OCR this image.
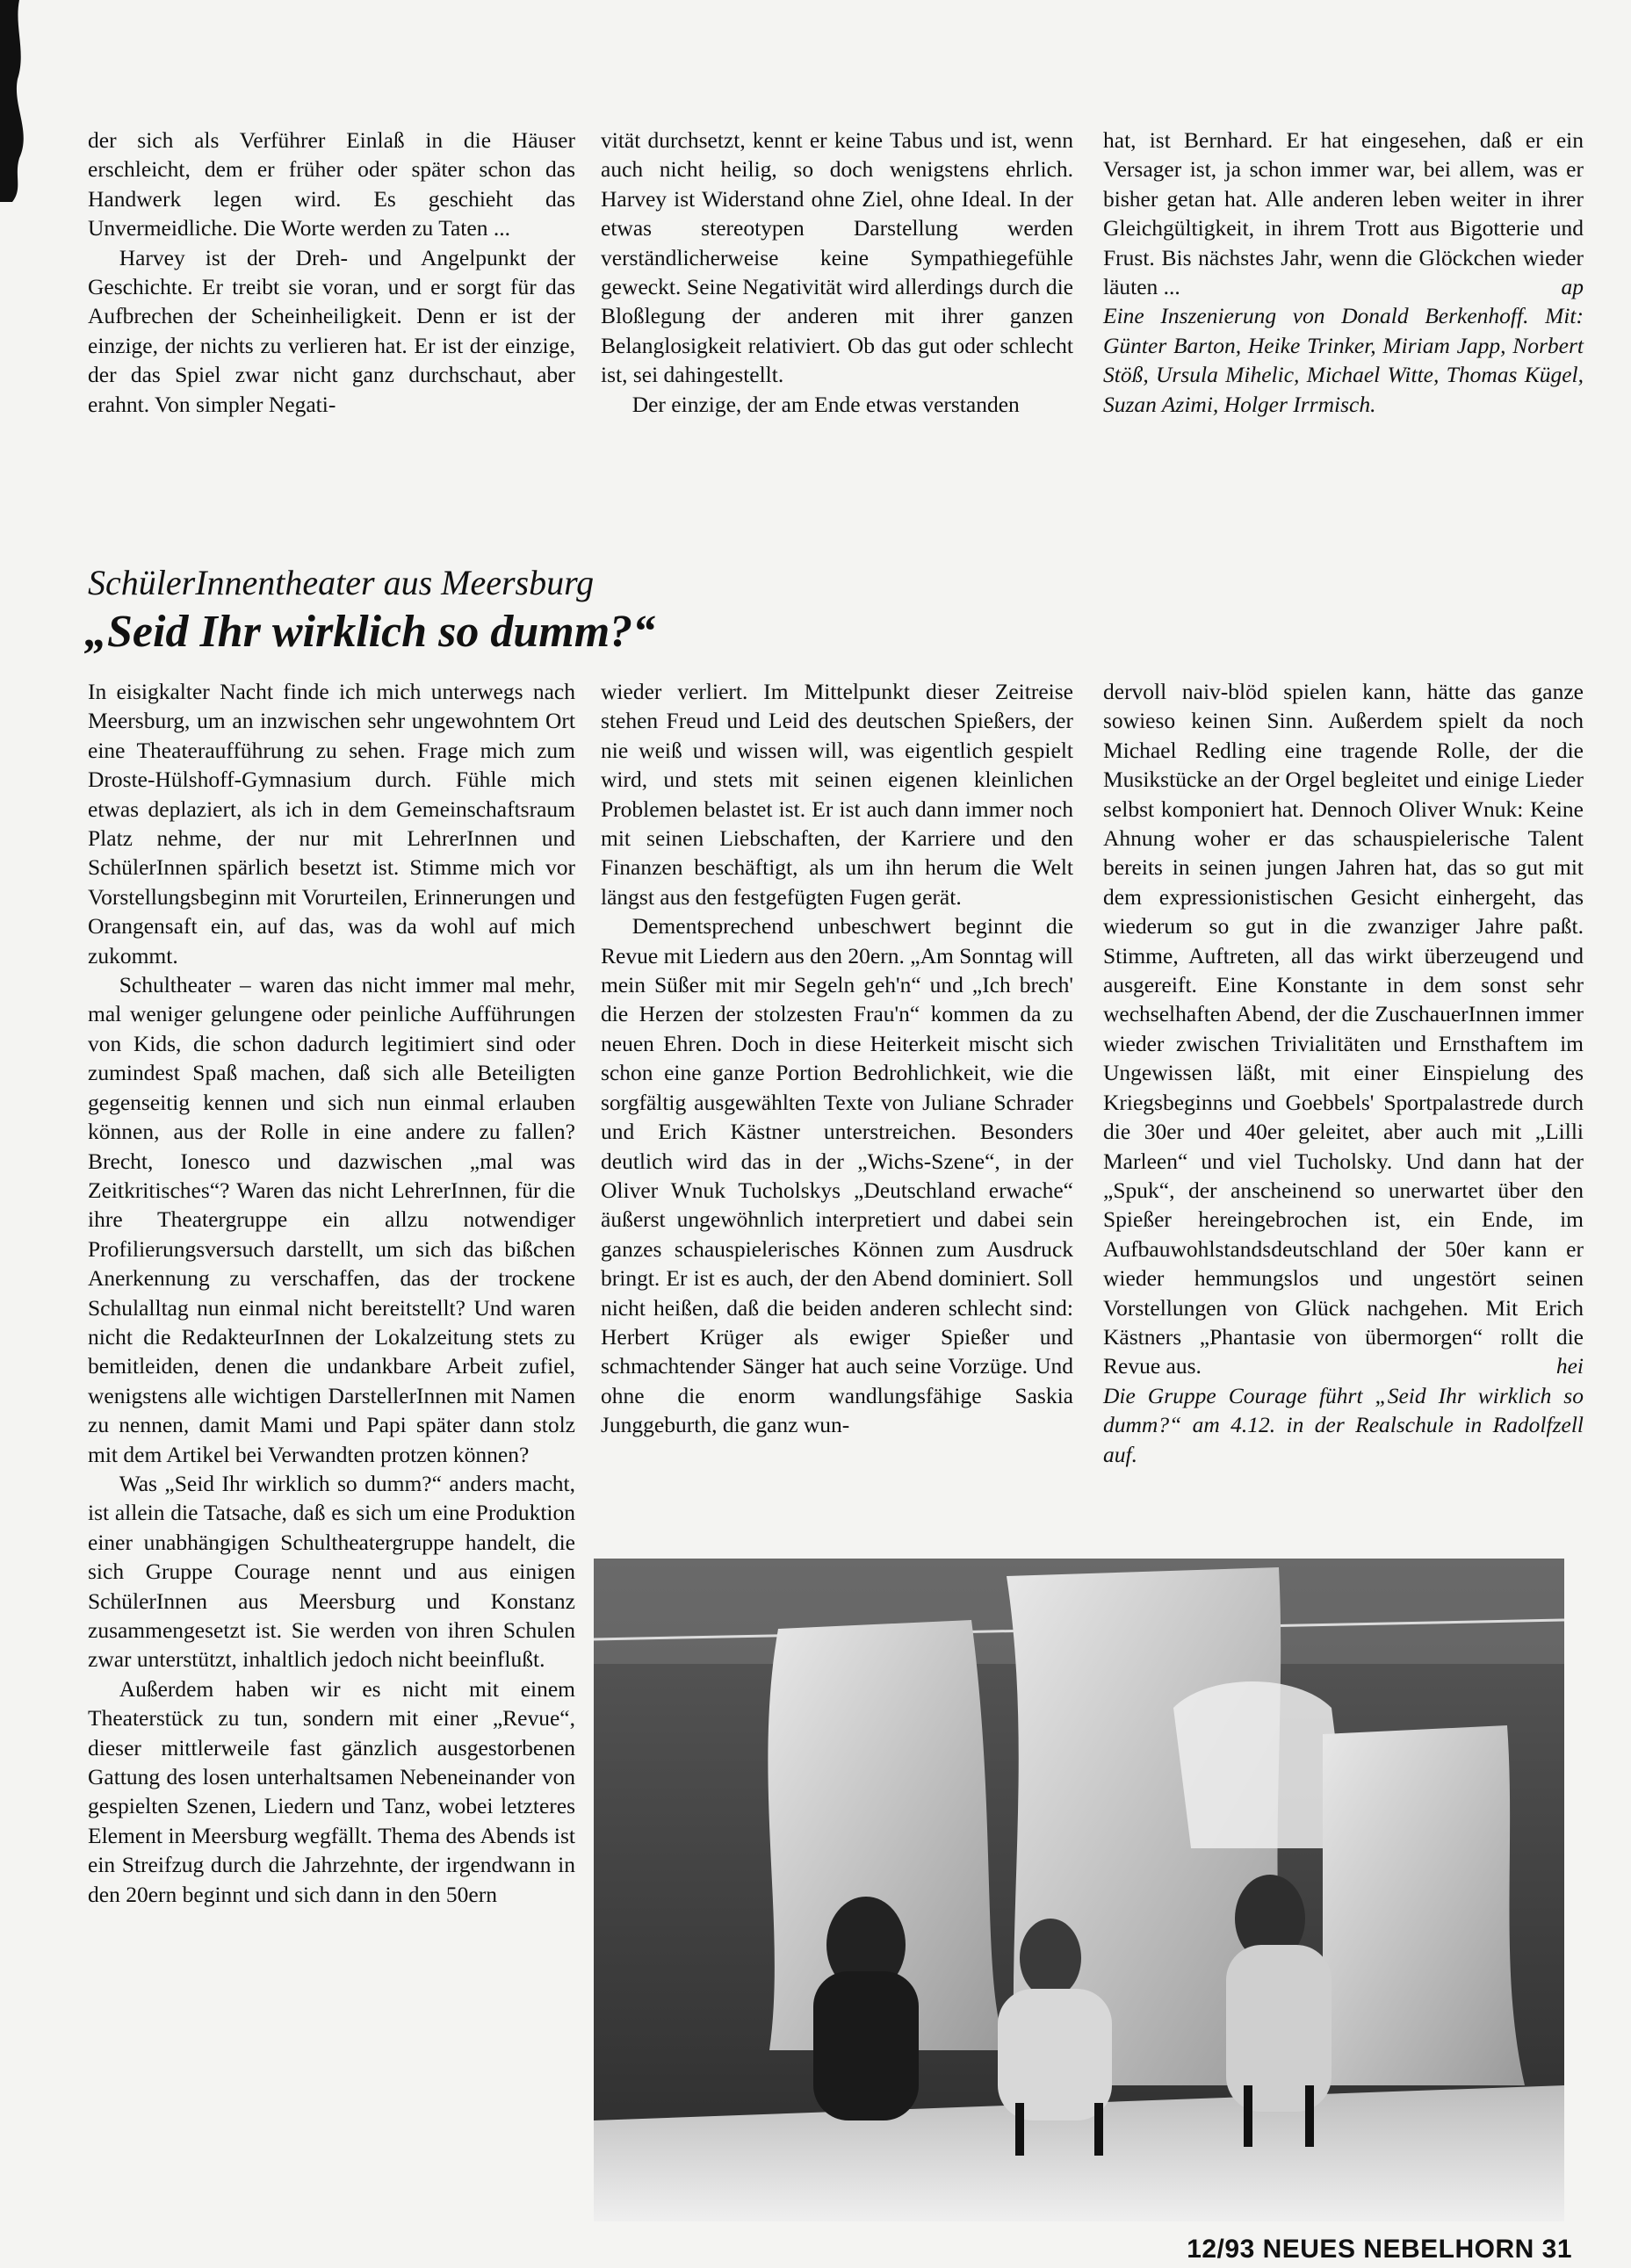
der sich als Verführer Einlaß in die Häuser erschleicht, dem er früher oder später schon das Handwerk legen wird. Es geschieht das Unvermeidliche. Die Worte werden zu Taten ...

Harvey ist der Dreh- und Angelpunkt der Geschichte. Er treibt sie voran, und er sorgt für das Aufbrechen der Scheinheiligkeit. Denn er ist der einzige, der nichts zu verlieren hat. Er ist der einzige, der das Spiel zwar nicht ganz durchschaut, aber erahnt. Von simpler Negati-

vität durchsetzt, kennt er keine Tabus und ist, wenn auch nicht heilig, so doch wenigstens ehrlich. Harvey ist Widerstand ohne Ziel, ohne Ideal. In der etwas stereotypen Darstellung werden verständlicherweise keine Sympathiegefühle geweckt. Seine Negativität wird allerdings durch die Bloßlegung der anderen mit ihrer ganzen Belanglosigkeit relativiert. Ob das gut oder schlecht ist, sei dahingestellt.

Der einzige, der am Ende etwas verstanden

hat, ist Bernhard. Er hat eingesehen, daß er ein Versager ist, ja schon immer war, bei allem, was er bisher getan hat. Alle anderen leben weiter in ihrer Gleichgültigkeit, in ihrem Trott aus Bigotterie und Frust. Bis nächstes Jahr, wenn die Glöckchen wieder läuten ...	ap

Eine Inszenierung von Donald Berkenhoff. Mit: Günter Barton, Heike Trinker, Miriam Japp, Norbert Stöß, Ursula Mihelic, Michael Witte, Thomas Kügel, Suzan Azimi, Holger Irrmisch.

SchülerInnentheater aus Meersburg
„Seid Ihr wirklich so dumm?“

In eisigkalter Nacht finde ich mich unterwegs nach Meersburg, um an inzwischen sehr ungewohntem Ort eine Theateraufführung zu sehen. Frage mich zum Droste-Hülshoff-Gymnasium durch. Fühle mich etwas deplaziert, als ich in dem Gemeinschaftsraum Platz nehme, der nur mit LehrerInnen und SchülerInnen spärlich besetzt ist. Stimme mich vor Vorstellungsbeginn mit Vorurteilen, Erinnerungen und Orangensaft ein, auf das, was da wohl auf mich zukommt.

Schultheater – waren das nicht immer mal mehr, mal weniger gelungene oder peinliche Aufführungen von Kids, die schon dadurch legitimiert sind oder zumindest Spaß machen, daß sich alle Beteiligten gegenseitig kennen und sich nun einmal erlauben können, aus der Rolle in eine andere zu fallen? Brecht, Ionesco und dazwischen „mal was Zeitkritisches“? Waren das nicht LehrerInnen, für die ihre Theatergruppe ein allzu notwendiger Profilierungsversuch darstellt, um sich das bißchen Anerkennung zu verschaffen, das der trockene Schulalltag nun einmal nicht bereitstellt? Und waren nicht die RedakteurInnen der Lokalzeitung stets zu bemitleiden, denen die undankbare Arbeit zufiel, wenigstens alle wichtigen DarstellerInnen mit Namen zu nennen, damit Mami und Papi später dann stolz mit dem Artikel bei Verwandten protzen können?

Was „Seid Ihr wirklich so dumm?“ anders macht, ist allein die Tatsache, daß es sich um eine Produktion einer unabhängigen Schultheatergruppe handelt, die sich Gruppe Courage nennt und aus einigen SchülerInnen aus Meersburg und Konstanz zusammengesetzt ist. Sie werden von ihren Schulen zwar unterstützt, inhaltlich jedoch nicht beeinflußt.

Außerdem haben wir es nicht mit einem Theaterstück zu tun, sondern mit einer „Revue“, dieser mittlerweile fast gänzlich ausgestorbenen Gattung des losen unterhaltsamen Nebeneinander von gespielten Szenen, Liedern und Tanz, wobei letzteres Element in Meersburg wegfällt. Thema des Abends ist ein Streifzug durch die Jahrzehnte, der irgendwann in den 20ern beginnt und sich dann in den 50ern

wieder verliert. Im Mittelpunkt dieser Zeitreise stehen Freud und Leid des deutschen Spießers, der nie weiß und wissen will, was eigentlich gespielt wird, und stets mit seinen eigenen kleinlichen Problemen belastet ist. Er ist auch dann immer noch mit seinen Liebschaften, der Karriere und den Finanzen beschäftigt, als um ihn herum die Welt längst aus den festgefügten Fugen gerät.

Dementsprechend unbeschwert beginnt die Revue mit Liedern aus den 20ern. „Am Sonntag will mein Süßer mit mir Segeln geh'n“ und „Ich brech' die Herzen der stolzesten Frau'n“ kommen da zu neuen Ehren. Doch in diese Heiterkeit mischt sich schon eine ganze Portion Bedrohlichkeit, wie die sorgfältig ausgewählten Texte von Juliane Schrader und Erich Kästner unterstreichen. Besonders deutlich wird das in der „Wichs-Szene“, in der Oliver Wnuk Tucholskys „Deutschland erwache“ äußerst ungewöhnlich interpretiert und dabei sein ganzes schauspielerisches Können zum Ausdruck bringt. Er ist es auch, der den Abend dominiert. Soll nicht heißen, daß die beiden anderen schlecht sind: Herbert Krüger als ewiger Spießer und schmachtender Sänger hat auch seine Vorzüge. Und ohne die enorm wandlungsfähige Saskia Junggeburth, die ganz wun-

dervoll naiv-blöd spielen kann, hätte das ganze sowieso keinen Sinn. Außerdem spielt da noch Michael Redling eine tragende Rolle, der die Musikstücke an der Orgel begleitet und einige Lieder selbst komponiert hat. Dennoch Oliver Wnuk: Keine Ahnung woher er das schauspielerische Talent bereits in seinen jungen Jahren hat, das so gut mit dem expressionistischen Gesicht einhergeht, das wiederum so gut in die zwanziger Jahre paßt. Stimme, Auftreten, all das wirkt überzeugend und ausgereift. Eine Konstante in dem sonst sehr wechselhaften Abend, der die ZuschauerInnen immer wieder zwischen Trivialitäten und Ernsthaftem im Ungewissen läßt, mit einer Einspielung des Kriegsbeginns und Goebbels' Sportpalastrede durch die 30er und 40er geleitet, aber auch mit „Lilli Marleen“ und viel Tucholsky. Und dann hat der „Spuk“, der anscheinend so unerwartet über den Spießer hereingebrochen ist, ein Ende, im Aufbauwohlstandsdeutschland der 50er kann er wieder hemmungslos und ungestört seinen Vorstellungen von Glück nachgehen. Mit Erich Kästners „Phantasie von übermorgen“ rollt die Revue aus.	hei

Die Gruppe Courage führt „Seid Ihr wirklich so dumm?“ am 4.12. in der Realschule in Radolfzell auf.

12/93 NEUES NEBELHORN 31
